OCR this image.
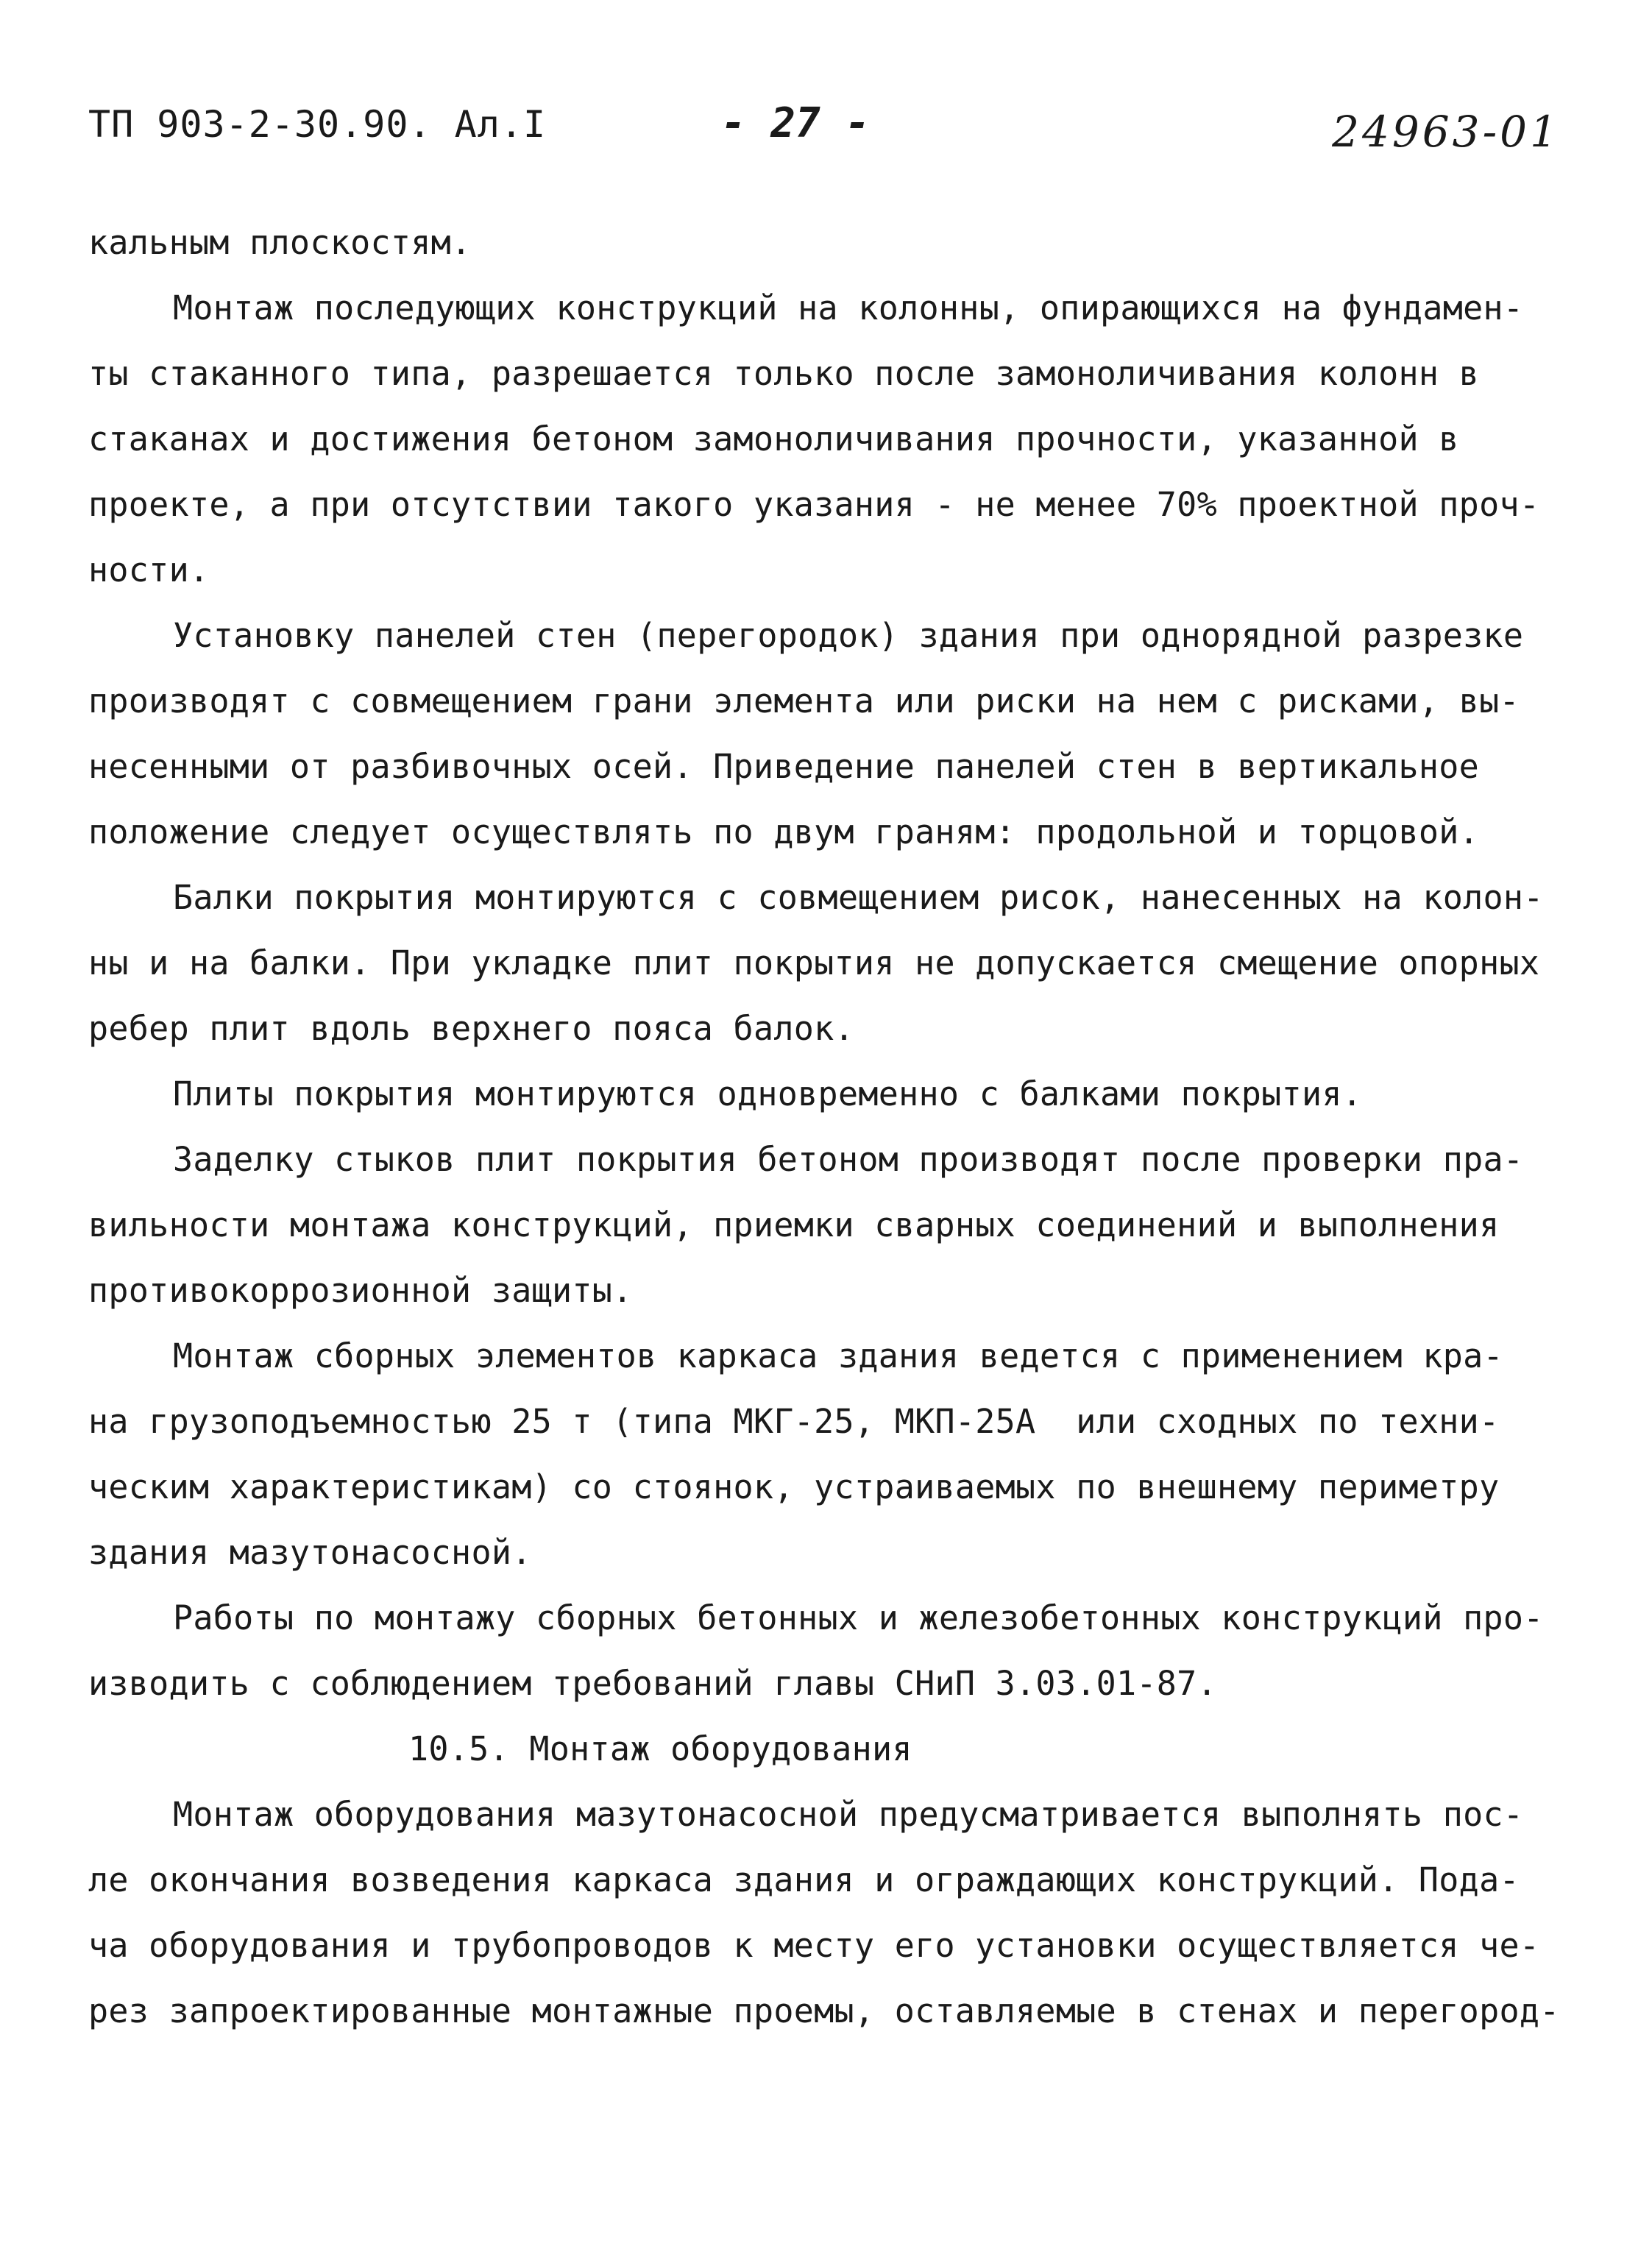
ТП 903-2-30.90. Ал.I	- 27 -	24963-01
кальным плоскостям.
Монтаж последующих конструкций на колонны, опирающихся на фундамен-
ты стаканного типа, разрешается только после замоноличивания колонн в
стаканах и достижения бетоном замоноличивания прочности, указанной в
проекте, а при отсутствии такого указания - не менее 70% проектной проч-
ности.
Установку панелей стен (перегородок) здания при однорядной разрезке
производят с совмещением грани элемента или риски на нем с рисками, вы-
несенными от разбивочных осей. Приведение панелей стен в вертикальное
положение следует осуществлять по двум граням: продольной и торцовой.
Балки покрытия монтируются с совмещением рисок, нанесенных на колон-
ны и на балки. При укладке плит покрытия не допускается смещение опорных
ребер плит вдоль верхнего пояса балок.
Плиты покрытия монтируются одновременно с балками покрытия.
Заделку стыков плит покрытия бетоном производят после проверки пра-
вильности монтажа конструкций, приемки сварных соединений и выполнения
противокоррозионной защиты.
Монтаж сборных элементов каркаса здания ведется с применением кра-
на грузоподъемностью 25 т (типа МКГ-25, МКП-25А  или сходных по техни-
ческим характеристикам) со стоянок, устраиваемых по внешнему периметру
здания мазутонасосной.
Работы по монтажу сборных бетонных и железобетонных конструкций про-
изводить с соблюдением требований главы СНиП 3.03.01-87.
10.5. Монтаж оборудования
Монтаж оборудования мазутонасосной предусматривается выполнять пос-
ле окончания возведения каркаса здания и ограждающих конструкций. Пода-
ча оборудования и трубопроводов к месту его установки осуществляется че-
рез запроектированные монтажные проемы, оставляемые в стенах и перегород-
